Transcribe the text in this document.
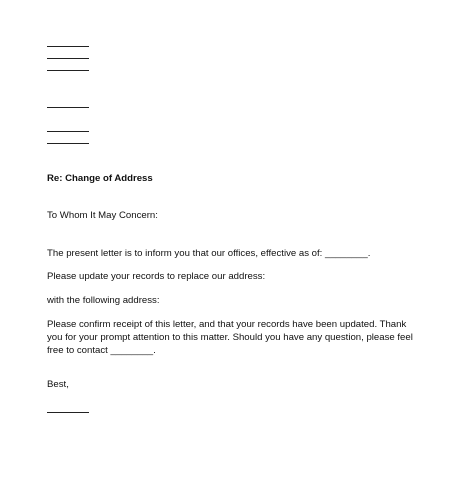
Re: Change of Address
To Whom It May Concern:
The present letter is to inform you that our offices, effective as of: ________.
Please update your records to replace our address:
with the following address:
Please confirm receipt of this letter, and that your records have been updated. Thank
you for your prompt attention to this matter. Should you have any question, please feel
free to contact ________.
Best,
